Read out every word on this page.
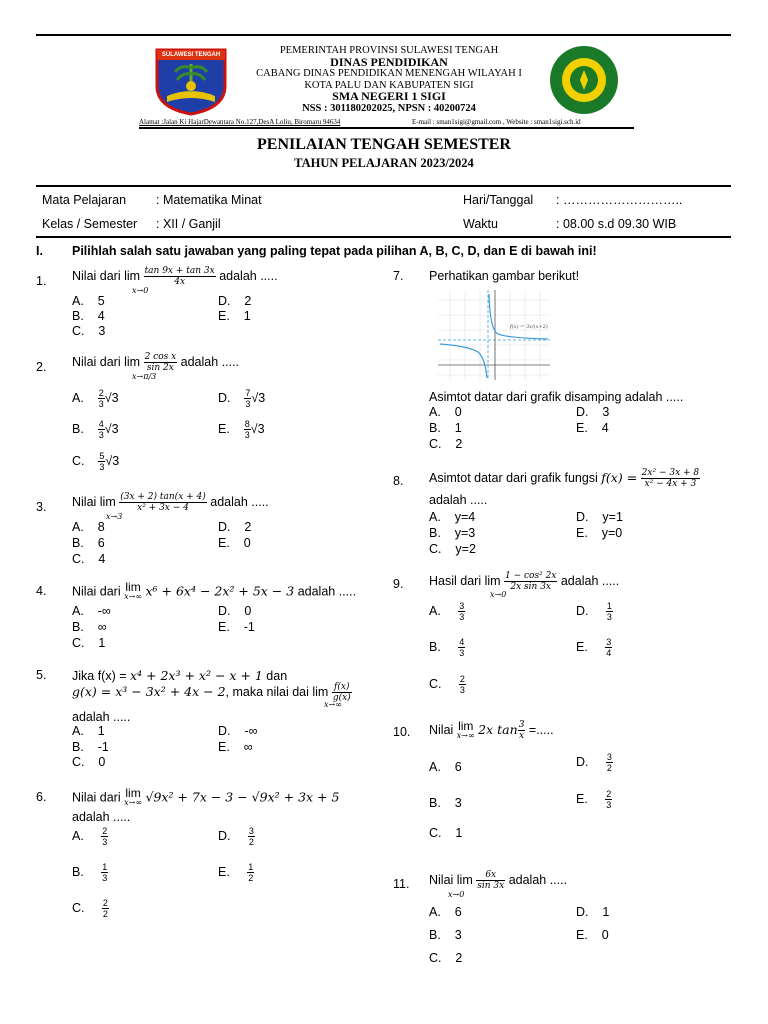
SULAWESI TENGAH	PEMERINTAH PROVINSI SULAWESI TENGAH
DINAS PENDIDIKAN
CABANG DINAS PENDIDIKAN MENENGAH WILAYAH I
KOTA PALU DAN KABUPATEN SIGI
SMA NEGERI 1 SIGI
NSS : 301180202025, NPSN : 40200724
Alamat :Jalan Ki HajarDewantara No.127,DesA Loliu, Biromaru 94634	E-mail : sman1sigi@gmail.com , Website : sman1sigi.sch.id
PENILAIAN TENGAH SEMESTER
TAHUN PELAJARAN 2023/2024
Mata Pelajaran : Matematika Minat	Hari/Tanggal : ………………………..
Kelas / Semester : XII / Ganjil	Waktu	: 08.00 s.d 09.30 WIB
I. Pilihlah salah satu jawaban yang paling tepat pada pilihan A, B, C, D, dan E di bawah ini!
1. Nilai dari $\lim \frac{\tan 9x + \tan 3x}{4x}$ adalah .....
x→0
A. 5
B. 4
C. 3
D. 2
E. 1
2. Nilai dari $\lim \frac{\text{2 cos x}}{\sin 2x}$ adalah .....
x→π/3
A. $\frac{2}{3} √3$
B. $\frac{4}{3} √3$
C. $\frac{5}{3} √3$
D. $\frac{7}{3} √3$
E. $\frac{8}{3} √3$
3. Nilai $\lim \frac{(3x + 2) \tan(x + 4)}{\text{x² + 3x − 4}}$ adalah .....
x→3
A. 8
B. 6
C. 4
D. 2
E. 0
4. Nilai dari lim
x→∞ x⁶ + 6x⁴ − 2x² + 5x − 3 adalah .....
A. -∞
B. ∞
C. 1
D. 0
E. -1
5. Jika f(x) = x⁴ + 2x³ + x² − x + 1 dan
g(x) = x³ − 3x² + 4x − 2, maka nilai dai $\lim \frac{f(x)}{g(x)}$
x→∞
adalah .....
A. 1
B. -1
C. 0
D. -∞
E. ∞
6. Nilai dari lim
x→∞ √9x² + 7x − 3 − √9x² + 3x + 5
adalah .....
A. $\frac{2}{3}$
B. $\frac{1}{3}$
C. $\frac{2}{2}$
D. $\frac{3}{2}$
E. $\frac{1}{2}$
7. Perhatikan gambar berikut!
f(x) = 3x/(x+2)
Asimtot datar dari grafik disamping adalah .....
A. 0
B. 1
C. 2
D. 3
E. 4
8. Asimtot datar dari grafik fungsi $f(x) = \frac{\text{2x² − 3x + 8}}{\text{x² − 4x + 3}}$
adalah .....
A. y=4
B. y=3
C. y=2
D. y=1
E. y=0
9. Hasil dari $\lim \frac{\text{1 − cos² 2x}}{\text{2x sin 3x}}$ adalah .....
x→0
A. $\frac{3}{3}$
B. $\frac{4}{3}$
C. $\frac{2}{3}$
D. $\frac{1}{3}$
E. $\frac{3}{4}$
10. Nilai lim
x→∞ 2x $\tan \frac{3}{x}$ =.....
A. 6
B. 3
C. 1
D. $\frac{3}{2}$
E. $\frac{2}{3}$
11. Nilai $\lim \frac{6x}{\sin 3x}$ adalah .....
x→0
A. 6
B. 3
C. 2
D. 1
E. 0
